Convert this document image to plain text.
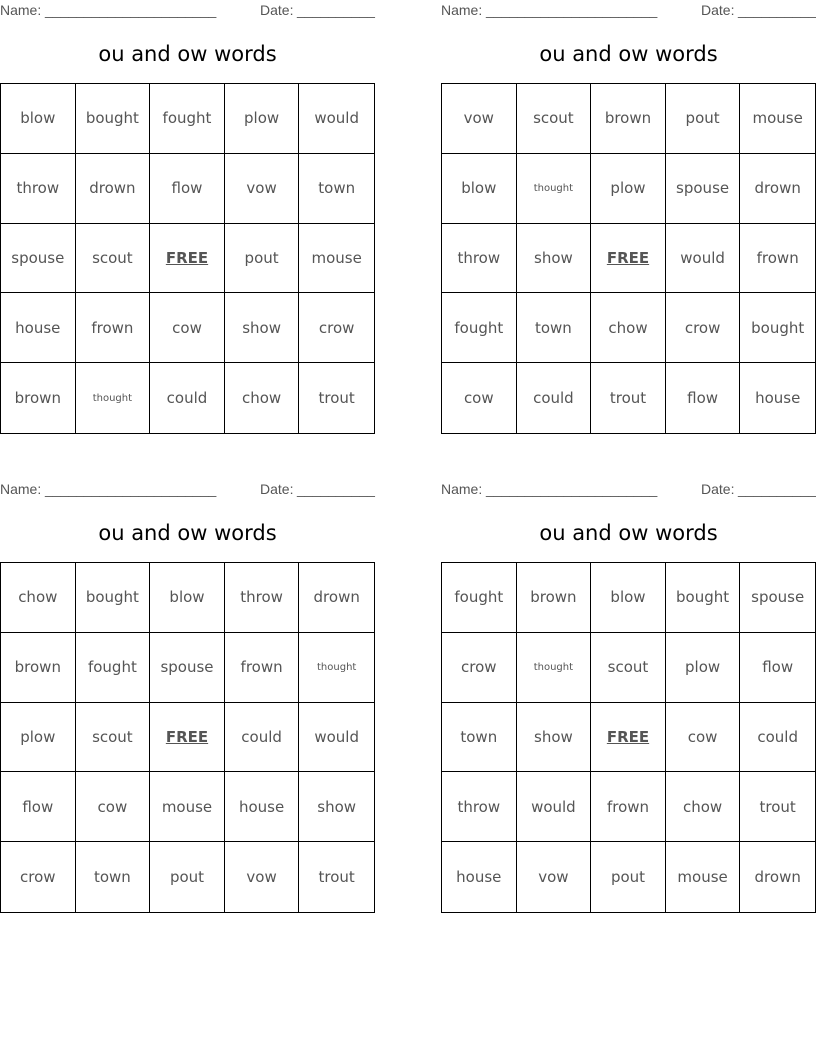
Name: ______________________	Date: __________
ou and ow words
blow	bought	fought	plow	would
throw	drown	flow	vow	town
spouse	scout	FREE	pout	mouse
house	frown	cow	show	crow
brown	thought	could	chow	trout
Name: ______________________	Date: __________
ou and ow words
vow	scout	brown	pout	mouse
blow	thought	plow	spouse	drown
throw	show	FREE	would	frown
fought	town	chow	crow	bought
cow	could	trout	flow	house
Name: ______________________	Date: __________
ou and ow words
chow	bought	blow	throw	drown
brown	fought	spouse	frown	thought
plow	scout	FREE	could	would
flow	cow	mouse	house	show
crow	town	pout	vow	trout
Name: ______________________	Date: __________
ou and ow words
fought	brown	blow	bought	spouse
crow	thought	scout	plow	flow
town	show	FREE	cow	could
throw	would	frown	chow	trout
house	vow	pout	mouse	drown
